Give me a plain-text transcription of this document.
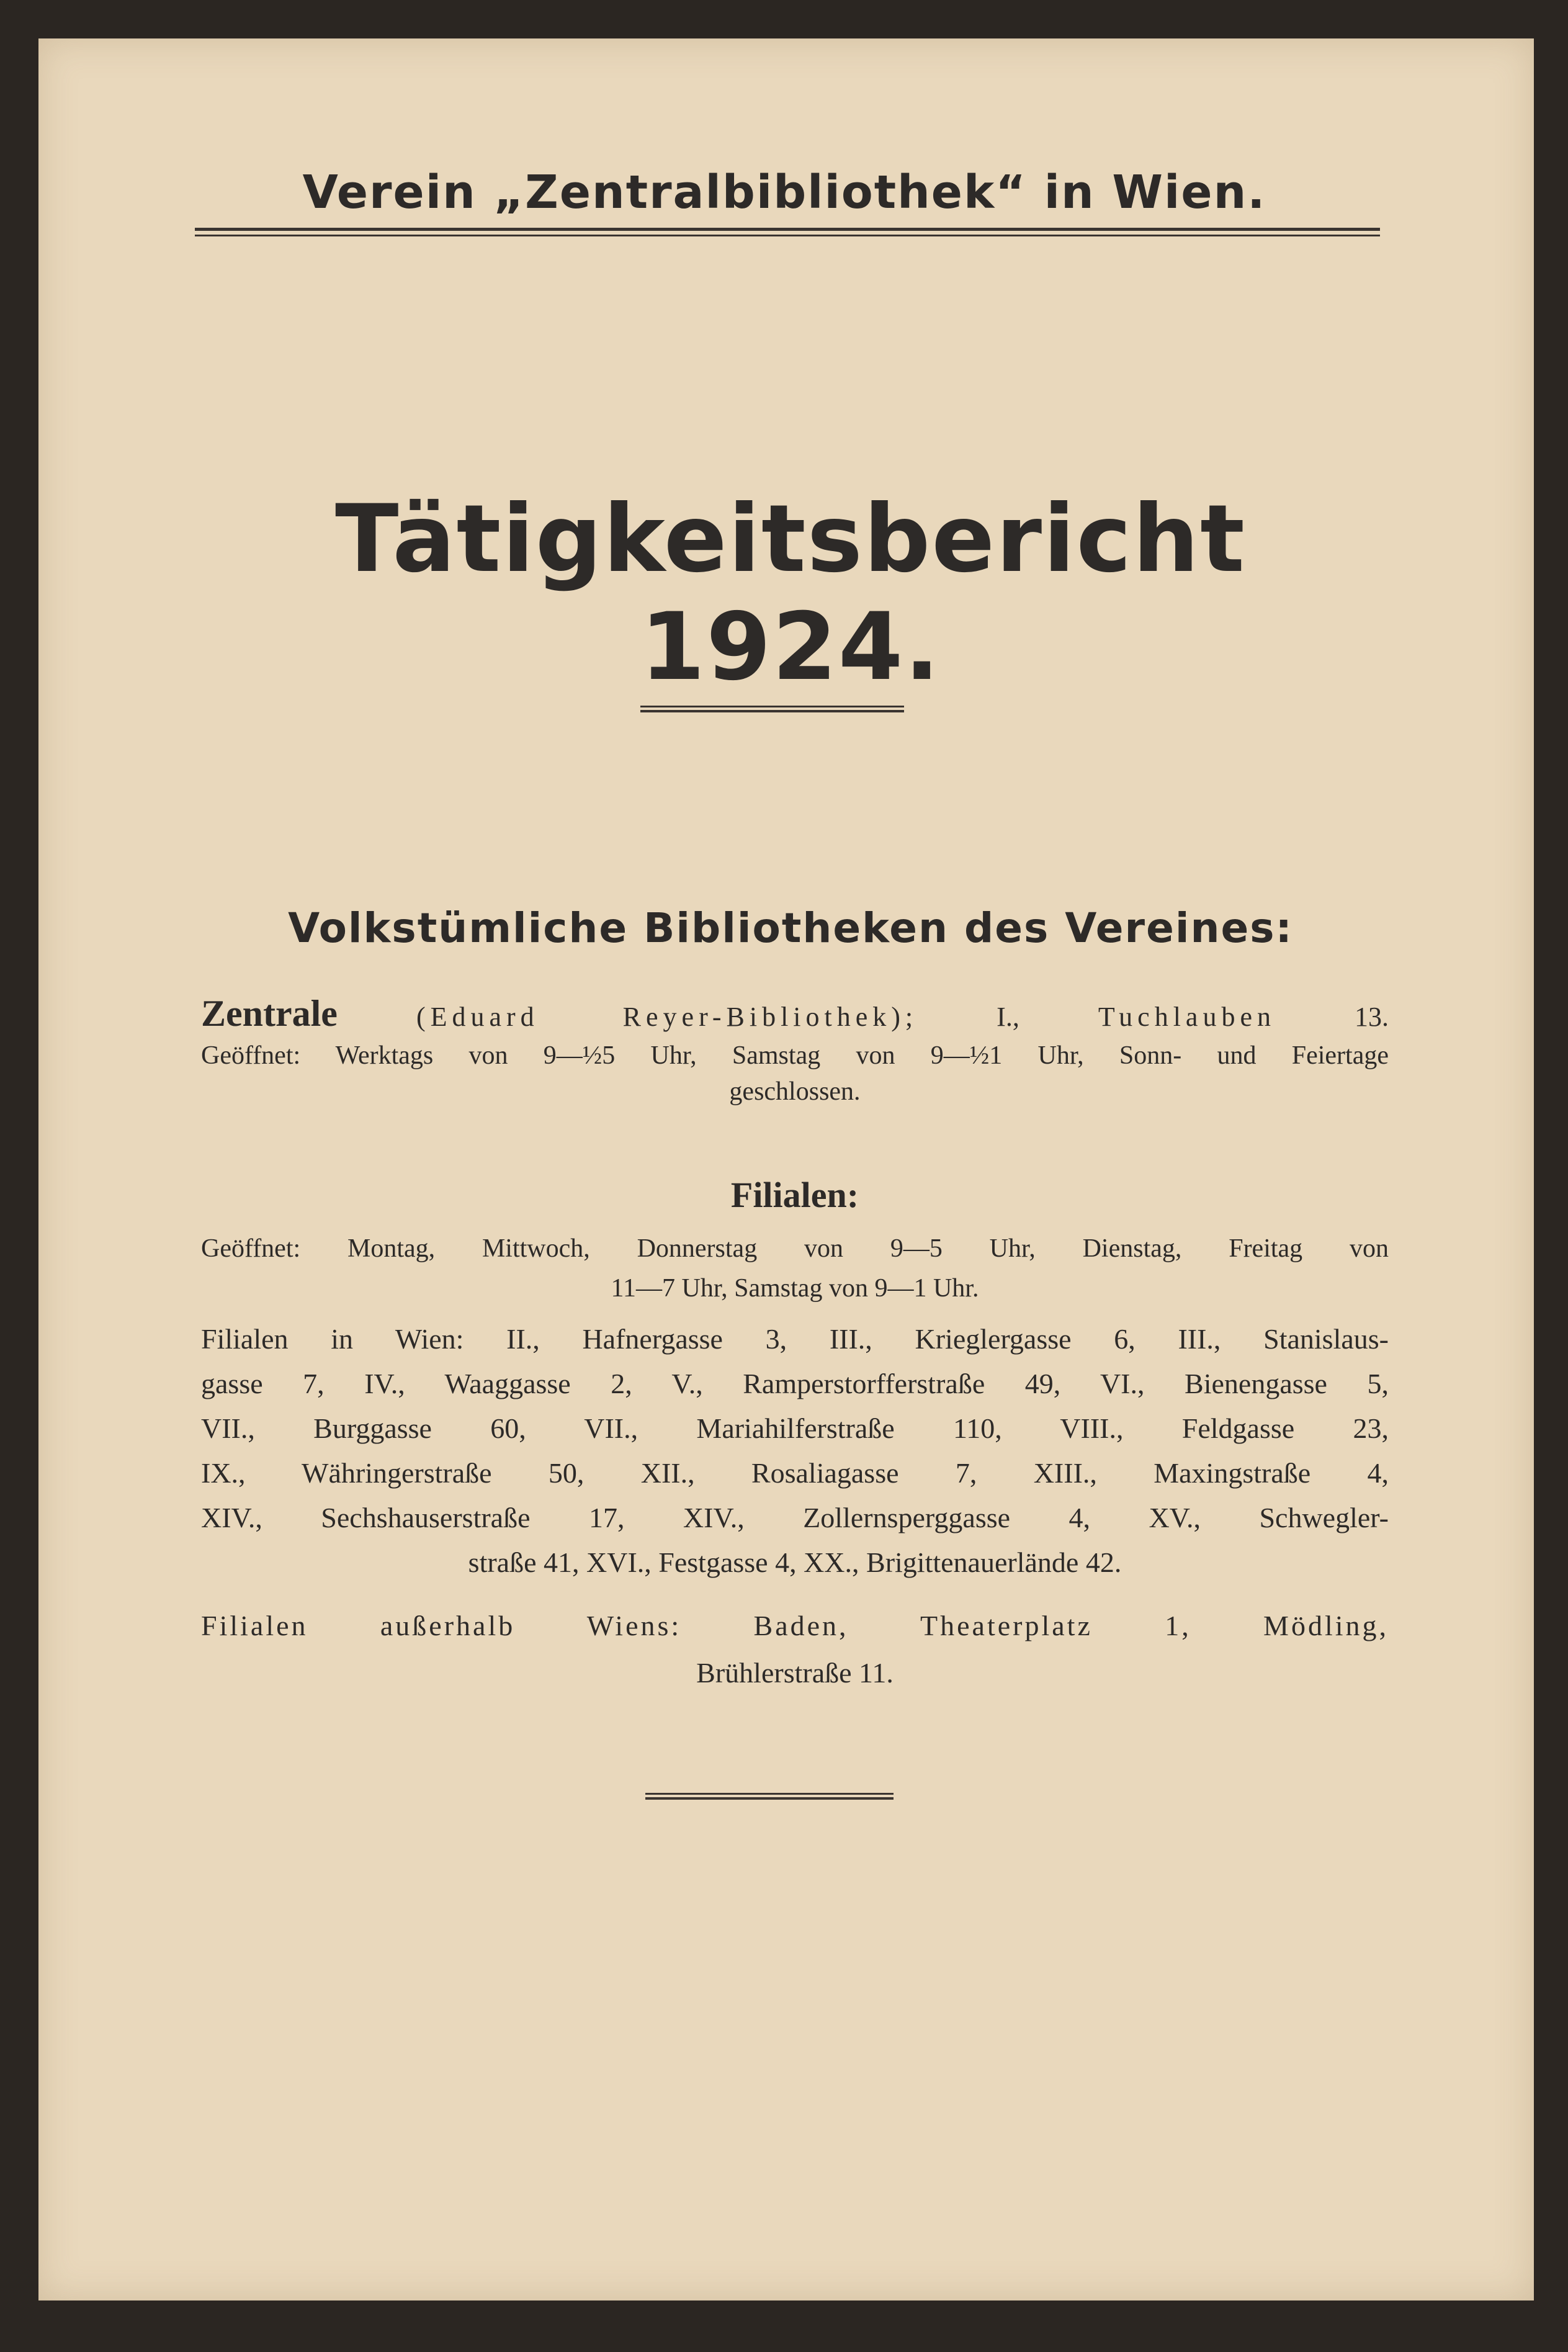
Verein „Zentralbibliothek“ in Wien.
Tätigkeitsbericht 1924.
Volkstümliche Bibliotheken des Vereines:
Zentrale	(Eduard Reyer-Bibliothek);	I.,	Tuchlauben	13.
Geöffnet: Werktags von 9—½5 Uhr, Samstag von 9—½1 Uhr, Sonn- und Feiertage
geschlossen.
Filialen:
Geöffnet: Montag, Mittwoch, Donnerstag von 9—5 Uhr, Dienstag, Freitag von
11—7 Uhr, Samstag von 9—1 Uhr.
Filialen in Wien: II., Hafnergasse 3, III., Krieglergasse 6, III., Stanislaus-
gasse 7, IV., Waaggasse 2, V., Ramperstorfferstraße 49, VI., Bienengasse 5,
VII., Burggasse 60, VII., Mariahilferstraße 110, VIII., Feldgasse 23,
IX., Währingerstraße 50, XII., Rosaliagasse 7, XIII., Maxingstraße 4,
XIV., Sechshauserstraße 17, XIV., Zollernsperggasse 4, XV., Schwegler-
straße 41, XVI., Festgasse 4, XX., Brigittenauerlände 42.
Filialen außerhalb Wiens: Baden, Theaterplatz 1, Mödling,
Brühlerstraße 11.
